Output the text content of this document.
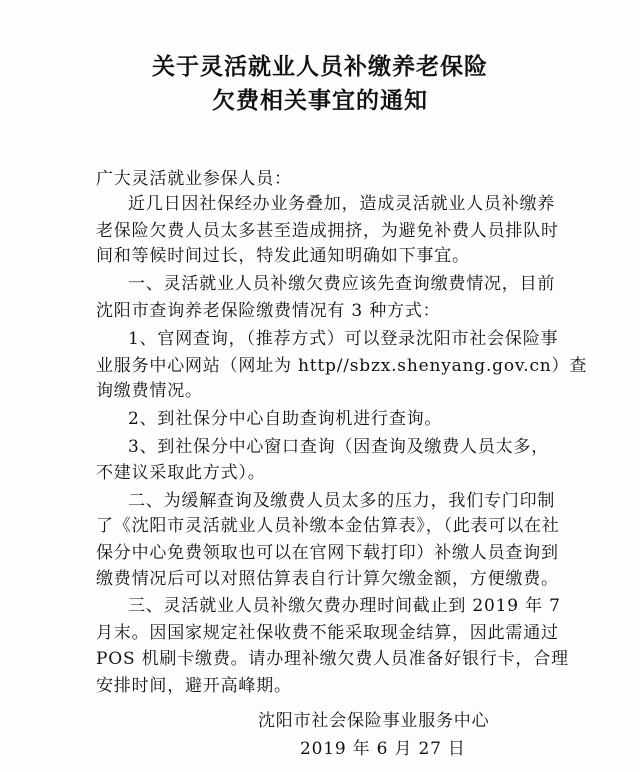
关于灵活就业人员补缴养老保险
欠费相关事宜的通知
广大灵活就业参保人员：
近几日因社保经办业务叠加，造成灵活就业人员补缴养
老保险欠费人员太多甚至造成拥挤，为避免补费人员排队时
间和等候时间过长，特发此通知明确如下事宜。
一、灵活就业人员补缴欠费应该先查询缴费情况，目前
沈阳市查询养老保险缴费情况有 3 种方式：
1、官网查询，（推荐方式）可以登录沈阳市社会保险事
业服务中心网站（网址为 http//sbzx.shenyang.gov.cn）查
询缴费情况。
2、到社保分中心自助查询机进行查询。
3、到社保分中心窗口查询（因查询及缴费人员太多，
不建议采取此方式）。
二、为缓解查询及缴费人员太多的压力，我们专门印制
了《沈阳市灵活就业人员补缴本金估算表》，（此表可以在社
保分中心免费领取也可以在官网下载打印）补缴人员查询到
缴费情况后可以对照估算表自行计算欠缴金额，方便缴费。
三、灵活就业人员补缴欠费办理时间截止到 2019 年 7
月末。因国家规定社保收费不能采取现金结算，因此需通过
POS 机刷卡缴费。请办理补缴欠费人员准备好银行卡，合理
安排时间，避开高峰期。
沈阳市社会保险事业服务中心
2019 年 6 月 27 日
